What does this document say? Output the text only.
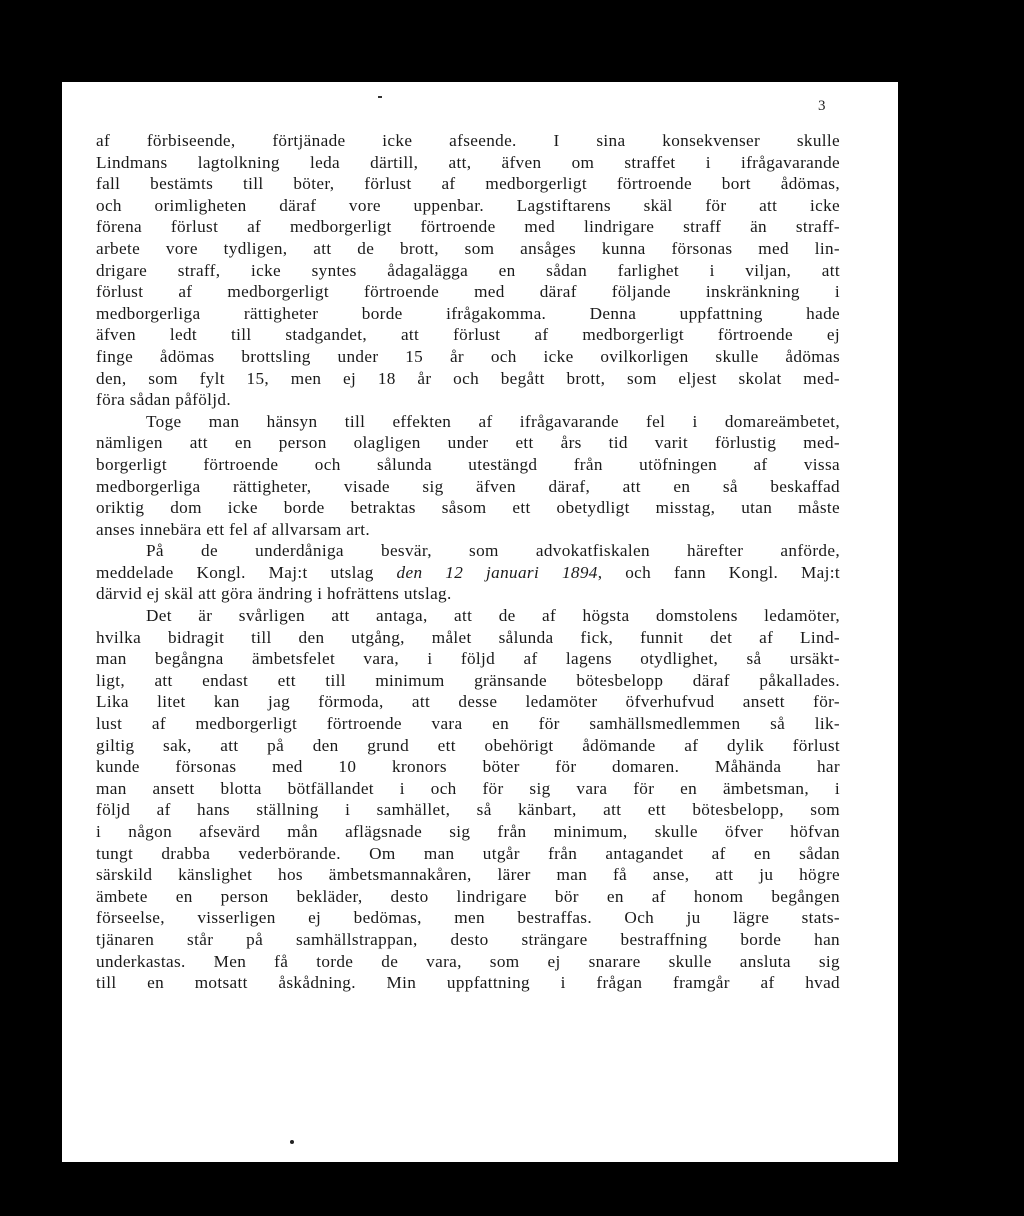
3
af förbiseende, förtjänade icke afseende. I sina konsekvenser skulle
Lindmans lagtolkning leda därtill, att, äfven om straffet i ifrågavarande
fall bestämts till böter, förlust af medborgerligt förtroende bort ådömas,
och orimligheten däraf vore uppenbar. Lagstiftarens skäl för att icke
förena förlust af medborgerligt förtroende med lindrigare straff än straff-
arbete vore tydligen, att de brott, som ansåges kunna försonas med lin-
drigare straff, icke syntes ådagalägga en sådan farlighet i viljan, att
förlust af medborgerligt förtroende med däraf följande inskränkning i
medborgerliga rättigheter borde ifrågakomma. Denna uppfattning hade
äfven ledt till stadgandet, att förlust af medborgerligt förtroende ej
finge ådömas brottsling under 15 år och icke ovilkorligen skulle ådömas
den, som fylt 15, men ej 18 år och begått brott, som eljest skolat med-
föra sådan påföljd.
Toge man hänsyn till effekten af ifrågavarande fel i domareämbetet,
nämligen att en person olagligen under ett års tid varit förlustig med-
borgerligt förtroende och sålunda utestängd från utöfningen af vissa
medborgerliga rättigheter, visade sig äfven däraf, att en så beskaffad
oriktig dom icke borde betraktas såsom ett obetydligt misstag, utan måste
anses innebära ett fel af allvarsam art.
På de underdåniga besvär, som advokatfiskalen härefter anförde,
meddelade Kongl. Maj:t utslag den 12 januari 1894, och fann Kongl. Maj:t
därvid ej skäl att göra ändring i hofrättens utslag.
Det är svårligen att antaga, att de af högsta domstolens ledamöter,
hvilka bidragit till den utgång, målet sålunda fick, funnit det af Lind-
man begångna ämbetsfelet vara, i följd af lagens otydlighet, så ursäkt-
ligt, att endast ett till minimum gränsande bötesbelopp däraf påkallades.
Lika litet kan jag förmoda, att desse ledamöter öfverhufvud ansett för-
lust af medborgerligt förtroende vara en för samhällsmedlemmen så lik-
giltig sak, att på den grund ett obehörigt ådömande af dylik förlust
kunde försonas med 10 kronors böter för domaren. Måhända har
man ansett blotta bötfällandet i och för sig vara för en ämbetsman, i
följd af hans ställning i samhället, så känbart, att ett bötesbelopp, som
i någon afsevärd mån aflägsnade sig från minimum, skulle öfver höfvan
tungt drabba vederbörande. Om man utgår från antagandet af en sådan
särskild känslighet hos ämbetsmannakåren, lärer man få anse, att ju högre
ämbete en person bekläder, desto lindrigare bör en af honom begången
förseelse, visserligen ej bedömas, men bestraffas. Och ju lägre stats-
tjänaren står på samhällstrappan, desto strängare bestraffning borde han
underkastas. Men få torde de vara, som ej snarare skulle ansluta sig
till en motsatt åskådning. Min uppfattning i frågan framgår af hvad
